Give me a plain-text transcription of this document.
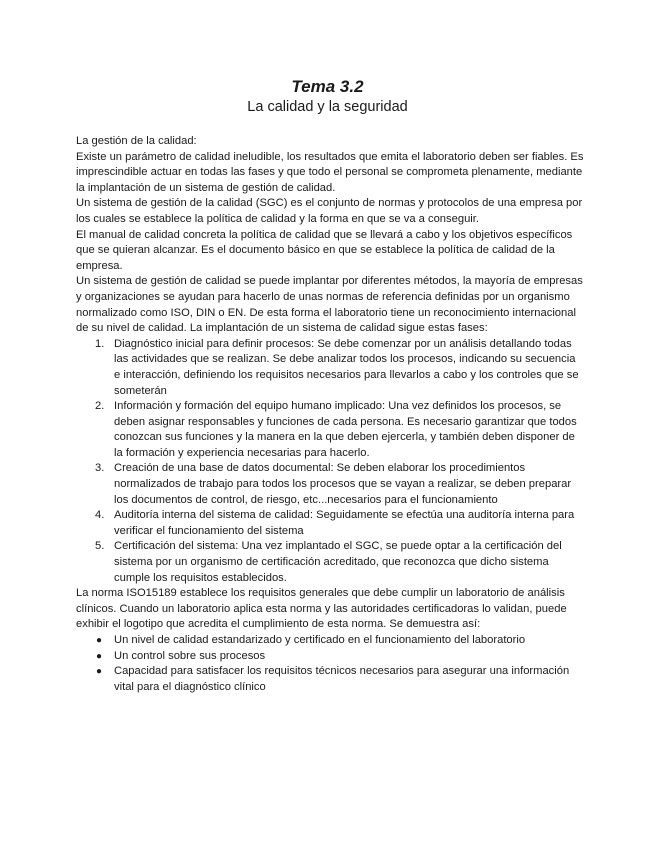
Tema 3.2
La calidad y la seguridad

La gestión de la calidad:

Existe un parámetro de calidad ineludible, los resultados que emita el laboratorio deben ser fiables. Es imprescindible actuar en todas las fases y que todo el personal se comprometa plenamente, mediante la implantación de un sistema de gestión de calidad.

Un sistema de gestión de la calidad (SGC) es el conjunto de normas y protocolos de una empresa por los cuales se establece la política de calidad y la forma en que se va a conseguir.

El manual de calidad concreta la política de calidad que se llevará a cabo y los objetivos específicos que se quieran alcanzar. Es el documento básico en que se establece la política de calidad de la empresa.

Un sistema de gestión de calidad se puede implantar por diferentes métodos, la mayoría de empresas y organizaciones se ayudan para hacerlo de unas normas de referencia definidas por un organismo normalizado como ISO, DIN o EN. De esta forma el laboratorio tiene un reconocimiento internacional de su nivel de calidad. La implantación de un sistema de calidad sigue estas fases:

1. Diagnóstico inicial para definir procesos: Se debe comenzar por un análisis detallando todas las actividades que se realizan. Se debe analizar todos los procesos, indicando su secuencia e interacción, definiendo los requisitos necesarios para llevarlos a cabo y los controles que se someterán
2. Información y formación del equipo humano implicado: Una vez definidos los procesos, se deben asignar responsables y funciones de cada persona. Es necesario garantizar que todos conozcan sus funciones y la manera en la que deben ejercerla, y también deben disponer de la formación y experiencia necesarias para hacerlo.
3. Creación de una base de datos documental: Se deben elaborar los procedimientos normalizados de trabajo para todos los procesos que se vayan a realizar, se deben preparar los documentos de control, de riesgo, etc...necesarios para el funcionamiento
4. Auditoría interna del sistema de calidad: Seguidamente se efectúa una auditoría interna para verificar el funcionamiento del sistema
5. Certificación del sistema: Una vez implantado el SGC, se puede optar a la certificación del sistema por un organismo de certificación acreditado, que reconozca que dicho sistema cumple los requisitos establecidos.

La norma ISO15189 establece los requisitos generales que debe cumplir un laboratorio de análisis clínicos. Cuando un laboratorio aplica esta norma y las autoridades certificadoras lo validan, puede exhibir el logotipo que acredita el cumplimiento de esta norma. Se demuestra así:

● Un nivel de calidad estandarizado y certificado en el funcionamiento del laboratorio
● Un control sobre sus procesos
● Capacidad para satisfacer los requisitos técnicos necesarios para asegurar una información vital para el diagnóstico clínico
